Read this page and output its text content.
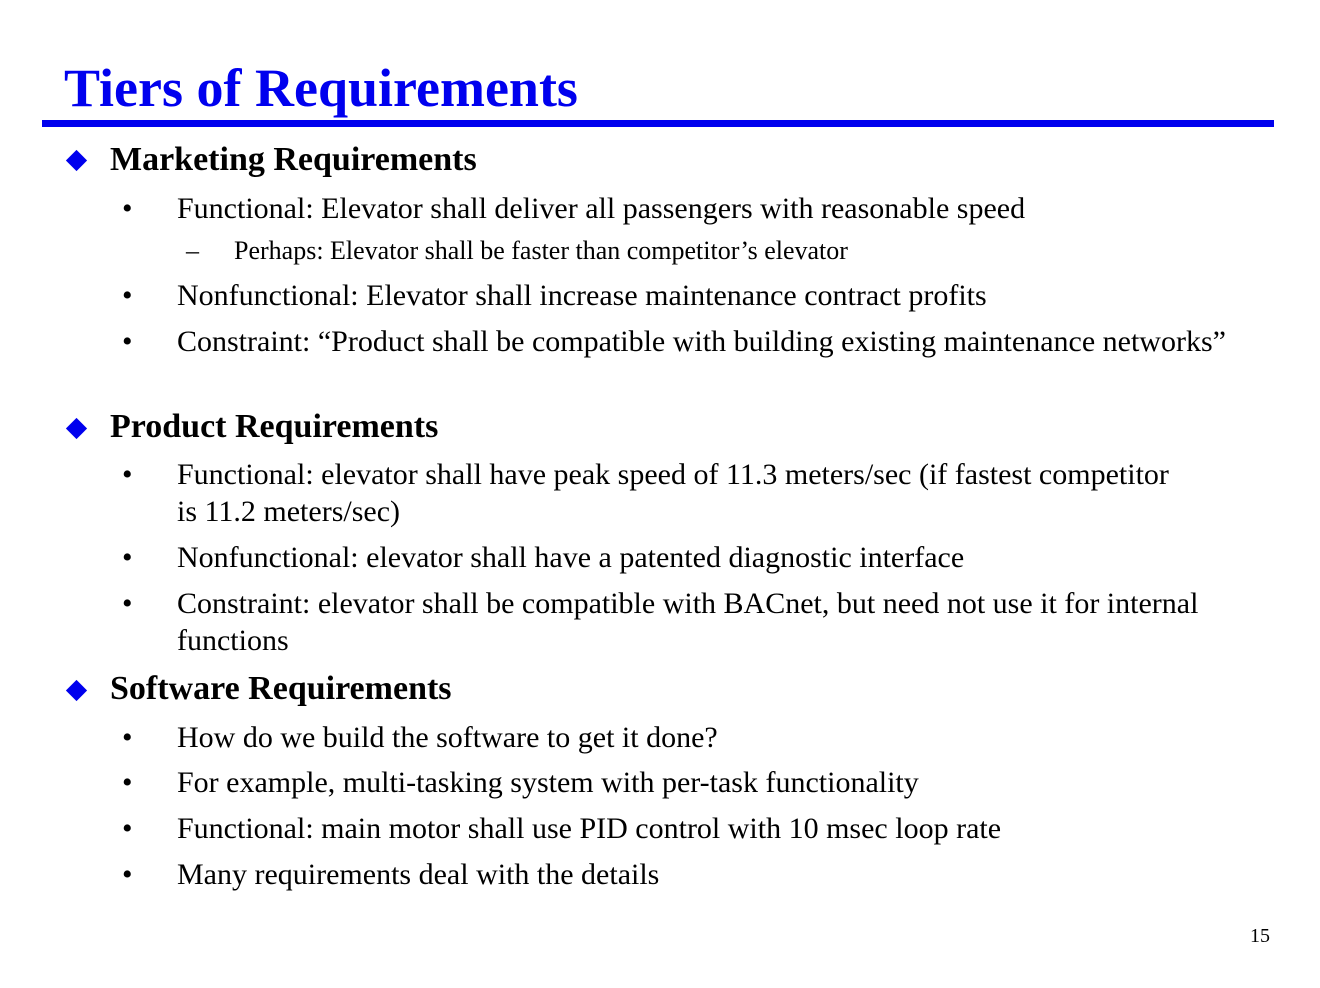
Tiers of Requirements
Marketing Requirements
• Functional: Elevator shall deliver all passengers with reasonable speed
– Perhaps: Elevator shall be faster than competitor’s elevator
• Nonfunctional: Elevator shall increase maintenance contract profits
• Constraint: “Product shall be compatible with building existing maintenance networks”
Product Requirements
• Functional: elevator shall have peak speed of 11.3 meters/sec (if fastest competitor is 11.2 meters/sec)
• Nonfunctional: elevator shall have a patented diagnostic interface
• Constraint: elevator shall be compatible with BACnet, but need not use it for internal functions
Software Requirements
• How do we build the software to get it done?
• For example, multi-tasking system with per-task functionality
• Functional: main motor shall use PID control with 10 msec loop rate
• Many requirements deal with the details
15
